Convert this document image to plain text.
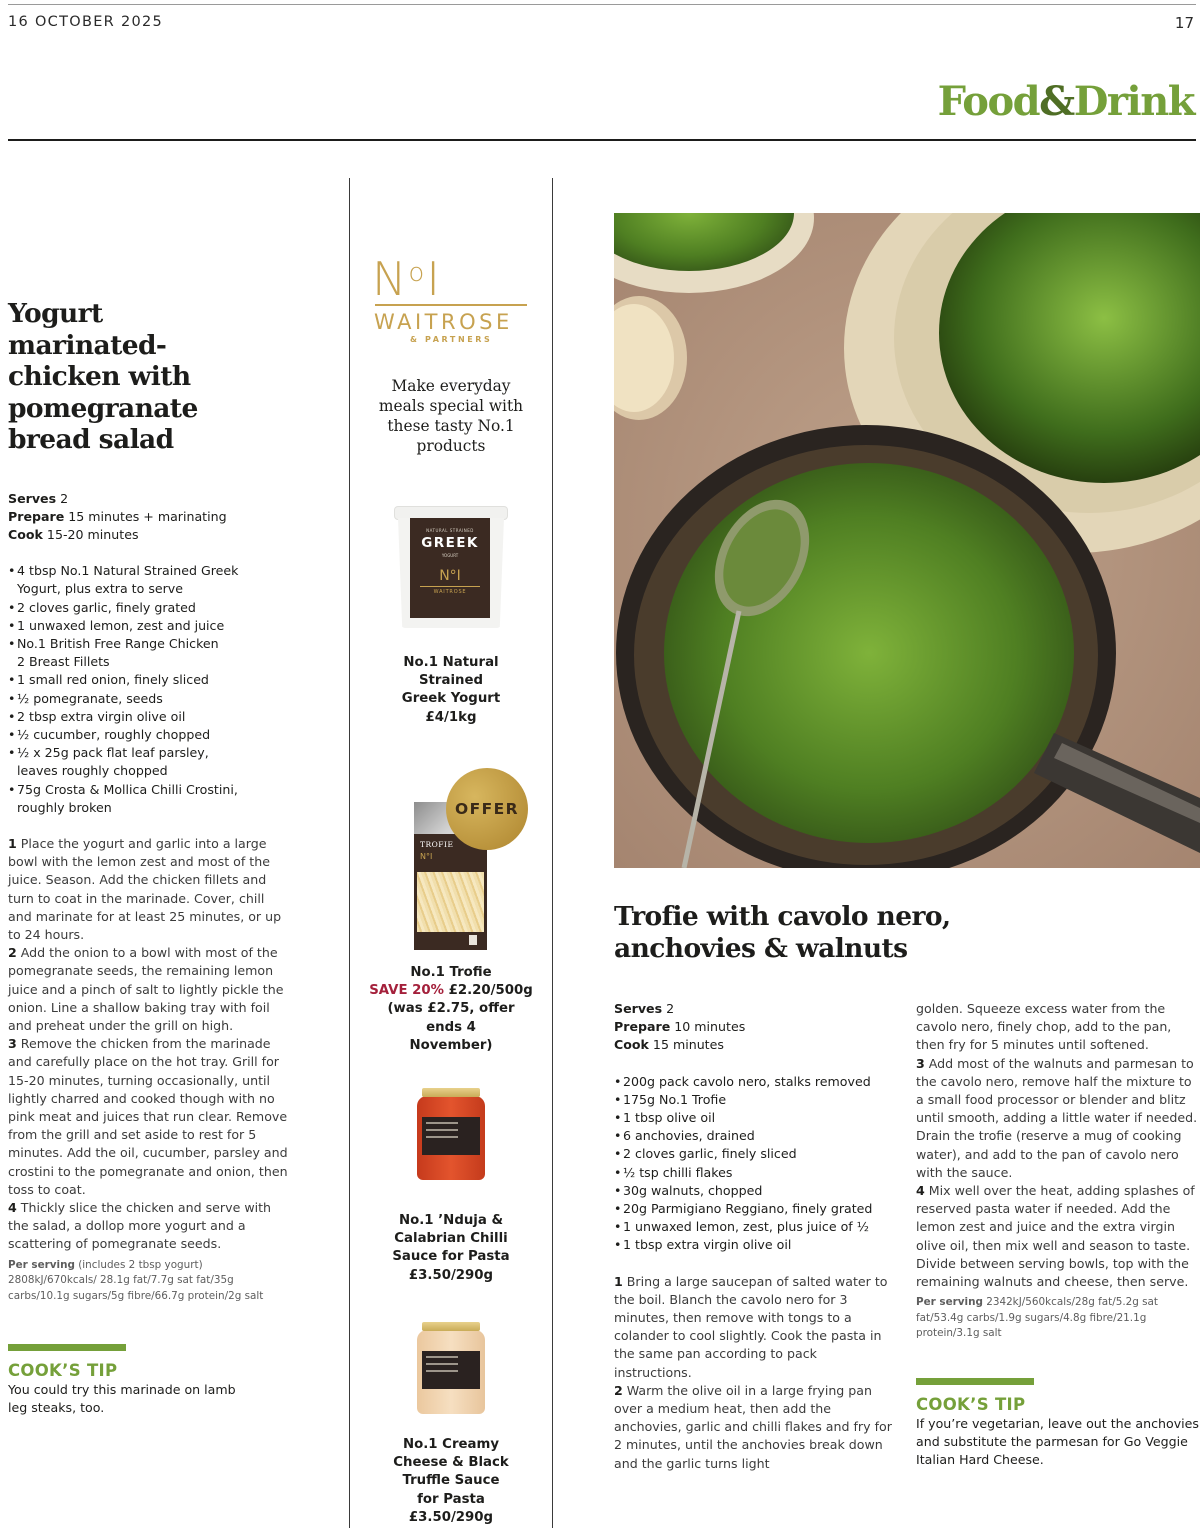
16 OCTOBER 2025	17
Food&Drink
Yogurt marinated-chicken with pomegranate bread salad
Serves 2
Prepare 15 minutes + marinating
Cook 15-20 minutes
• 4 tbsp No.1 Natural Strained Greek Yogurt, plus extra to serve
• 2 cloves garlic, finely grated
• 1 unwaxed lemon, zest and juice
• No.1 British Free Range Chicken 2 Breast Fillets
• 1 small red onion, finely sliced
• ½ pomegranate, seeds
• 2 tbsp extra virgin olive oil
• ½ cucumber, roughly chopped
• ½ x 25g pack flat leaf parsley, leaves roughly chopped
• 75g Crosta & Mollica Chilli Crostini, roughly broken

1 Place the yogurt and garlic into a large bowl with the lemon zest and most of the juice. Season. Add the chicken fillets and turn to coat in the marinade. Cover, chill and marinate for at least 25 minutes, or up to 24 hours.

2 Add the onion to a bowl with most of the pomegranate seeds, the remaining lemon juice and a pinch of salt to lightly pickle the onion. Line a shallow baking tray with foil and preheat under the grill on high.

3 Remove the chicken from the marinade and carefully place on the hot tray. Grill for 15-20 minutes, turning occasionally, until lightly charred and cooked though with no pink meat and juices that run clear. Remove from the grill and set aside to rest for 5 minutes. Add the oil, cucumber, parsley and crostini to the pomegranate and onion, then toss to coat.

4 Thickly slice the chicken and serve with the salad, a dollop more yogurt and a scattering of pomegranate seeds.

Per serving (includes 2 tbsp yogurt) 2808kJ/670kcals/ 28.1g fat/7.7g sat fat/35g carbs/10.1g sugars/5g fibre/66.7g protein/2g salt
COOK’S TIP
You could try this marinade on lamb leg steaks, too.
$N^oI$
WAITROSE
& PARTNERS
Make everyday meals special with these tasty No.1 products
NATURAL STRAINED
GREEK
YOGURT
N°I
WAITROSE
No.1 Natural Strained Greek Yogurt
£4/1kg
TROFIE
N°I
OFFER
No.1 Trofie
SAVE 20% £2.20/500g
(was £2.75, offer ends 4 November)
No.1 ’Nduja & Calabrian Chilli Sauce for Pasta
£3.50/290g
No.1 Creamy Cheese & Black Truffle Sauce for Pasta
£3.50/290g
Trofie with cavolo nero, anchovies & walnuts
Serves 2
Prepare 10 minutes
Cook 15 minutes
• 200g pack cavolo nero, stalks removed
• 175g No.1 Trofie
• 1 tbsp olive oil
• 6 anchovies, drained
• 2 cloves garlic, finely sliced
• ½ tsp chilli flakes
• 30g walnuts, chopped
• 20g Parmigiano Reggiano, finely grated
• 1 unwaxed lemon, zest, plus juice of ½
• 1 tbsp extra virgin olive oil

1 Bring a large saucepan of salted water to the boil. Blanch the cavolo nero for 3 minutes, then remove with tongs to a colander to cool slightly. Cook the pasta in the same pan according to pack instructions.

2 Warm the olive oil in a large frying pan over a medium heat, then add the anchovies, garlic and chilli flakes and fry for 2 minutes, until the anchovies break down and the garlic turns light

golden. Squeeze excess water from the cavolo nero, finely chop, add to the pan, then fry for 5 minutes until softened.

3 Add most of the walnuts and parmesan to the cavolo nero, remove half the mixture to a small food processor or blender and blitz until smooth, adding a little water if needed. Drain the trofie (reserve a mug of cooking water), and add to the pan of cavolo nero with the sauce.

4 Mix well over the heat, adding splashes of reserved pasta water if needed. Add the lemon zest and juice and the extra virgin olive oil, then mix well and season to taste. Divide between serving bowls, top with the remaining walnuts and cheese, then serve.

Per serving 2342kJ/560kcals/28g fat/5.2g sat fat/53.4g carbs/1.9g sugars/4.8g fibre/21.1g protein/3.1g salt
COOK’S TIP
If you’re vegetarian, leave out the anchovies and substitute the parmesan for Go Veggie Italian Hard Cheese.
